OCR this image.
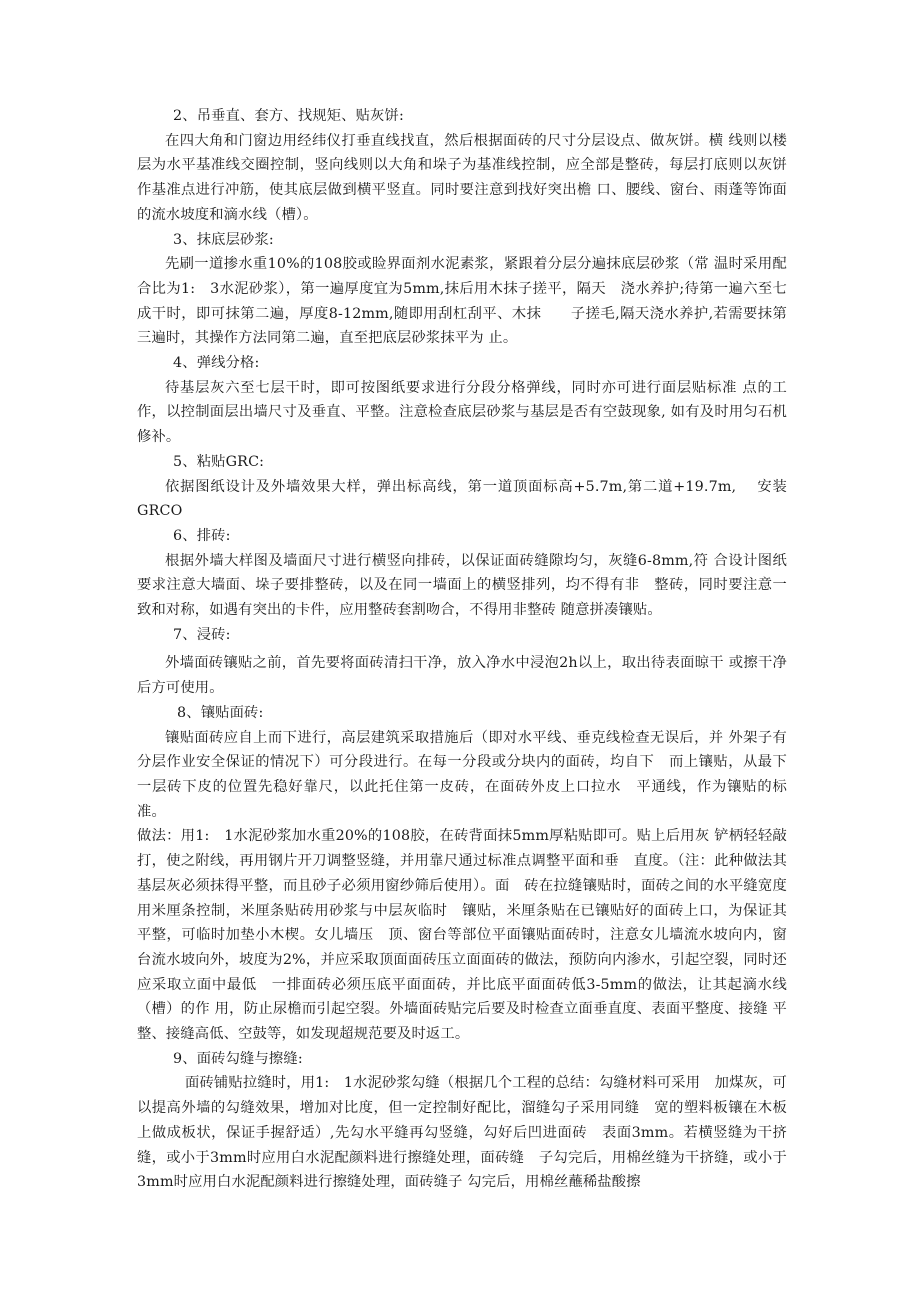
2、吊垂直、套方、找规矩、贴灰饼:

在四大角和门窗边用经纬仪打垂直线找直，然后根据面砖的尺寸分层设点、做灰饼。横 线则以楼层为水平基准线交圈控制，竖向线则以大角和垛子为基准线控制，应全部是整砖，每层打底则以灰饼作基准点进行冲筋，使其底层做到横平竖直。同时要注意到找好突出檐 口、腰线、窗台、雨蓬等饰面的流水坡度和滴水线（槽）。

3、抹底层砂浆:

先刷一道掺水重10%的108胶或睑界面剂水泥素浆，紧跟着分层分遍抹底层砂浆（常 温时采用配合比为1:　3水泥砂浆），第一遍厚度宜为5mm,抹后用木抹子搓平，隔天　浇水养护;待第一遍六至七成干时，即可抹第二遍，厚度8-12mm,随即用刮杠刮平、木抹　　子搓毛,隔天浇水养护,若需要抹第三遍时，其操作方法同第二遍，直至把底层砂浆抹平为 止。

4、弹线分格:

待基层灰六至七层干时，即可按图纸要求进行分段分格弹线，同时亦可进行面层贴标准 点的工作，以控制面层出墙尺寸及垂直、平整。注意检查底层砂浆与基层是否有空鼓现象, 如有及时用匀石机修补。

5、粘贴GRC:

依据图纸设计及外墙效果大样，弹出标高线，第一道顶面标高+5.7m,第二道+19.7m,　 安装GRCO

6、排砖:

根据外墙大样图及墙面尺寸进行横竖向排砖，以保证面砖缝隙均匀，灰缝6-8mm,符 合设计图纸要求注意大墙面、垛子要排整砖，以及在同一墙面上的横竖排列，均不得有非　整砖，同时要注意一致和对称，如遇有突出的卡件，应用整砖套割吻合，不得用非整砖 随意拼凑镶贴。

7、浸砖:

外墙面砖镶贴之前，首先要将面砖清扫干净，放入净水中浸泡2h以上，取出待表面晾干 或擦干净后方可使用。

8、镶贴面砖:

镶贴面砖应自上而下进行，高层建筑采取措施后（即对水平线、垂克线检查无误后，并 外架子有分层作业安全保证的情况下）可分段进行。在每一分段或分块内的面砖，均自下　而上镶贴，从最下一层砖下皮的位置先稳好靠尺，以此托住第一皮砖，在面砖外皮上口拉水　平通线，作为镶贴的标准。

做法：用1:　1水泥砂浆加水重20%的108胶，在砖背面抹5mm厚粘贴即可。贴上后用灰 铲柄轻轻敲打，使之附线，再用钢片开刀调整竖缝，并用靠尺通过标准点调整平面和垂　直度。（注：此种做法其基层灰必须抹得平整，而且砂子必须用窗纱筛后使用）。面　砖在拉缝镶贴时，面砖之间的水平缝宽度用米厘条控制，米厘条贴砖用砂浆与中层灰临时　镶贴，米厘条贴在已镶贴好的面砖上口，为保证其平整，可临时加垫小木楔。女儿墙压　顶、窗台等部位平面镶贴面砖时，注意女儿墙流水坡向内，窗台流水坡向外，坡度为2%，并应采取顶面面砖压立面面砖的做法，预防向内渗水，引起空裂，同时还应采取立面中最低　一排面砖必须压底平面面砖，并比底平面面砖低3-5mm的做法，让其起滴水线（槽）的作 用，防止尿檐而引起空裂。外墙面砖贴完后要及时检查立面垂直度、表面平整度、接缝 平整、接缝高低、空鼓等，如发现超规范要及时返工。

9、面砖勾缝与擦缝:

面砖铺贴拉缝时，用1:　1水泥砂浆勾缝（根据几个工程的总结：勾缝材料可采用　加煤灰，可以提高外墙的勾缝效果，增加对比度，但一定控制好配比，溜缝勾子采用同缝　宽的塑料板镶在木板上做成板状，保证手握舒适）,先勾水平缝再勾竖缝，勾好后凹进面砖　表面3mm。若横竖缝为干挤缝，或小于3mm时应用白水泥配颜料进行擦缝处理，面砖缝　子勾完后，用棉丝缝为干挤缝，或小于3mm时应用白水泥配颜料进行擦缝处理，面砖缝子 勾完后，用棉丝蘸稀盐酸擦
